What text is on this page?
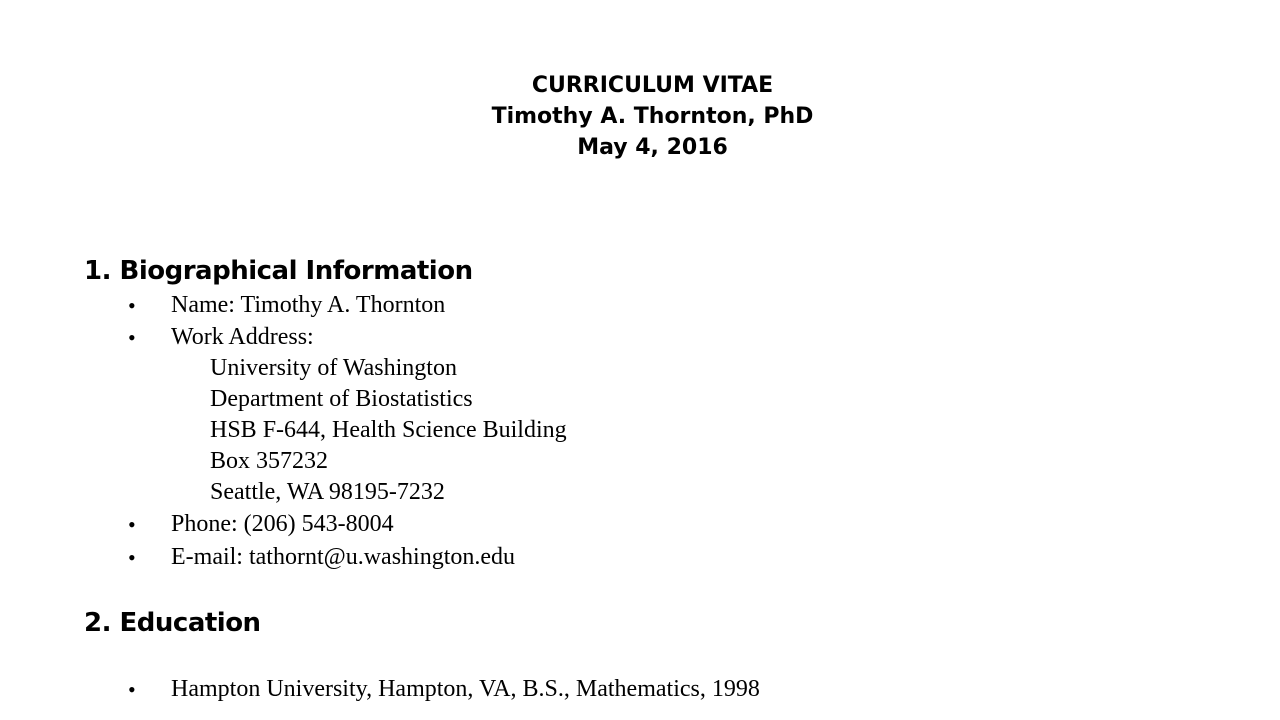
CURRICULUM VITAE
Timothy A. Thornton, PhD
May 4, 2016
1. Biographical Information
• Name: Timothy A. Thornton
• Work Address:
University of Washington
Department of Biostatistics
HSB F-644, Health Science Building
Box 357232
Seattle, WA 98195-7232
• Phone: (206) 543-8004
• E-mail: tathornt@u.washington.edu
2. Education
• Hampton University, Hampton, VA, B.S., Mathematics, 1998
